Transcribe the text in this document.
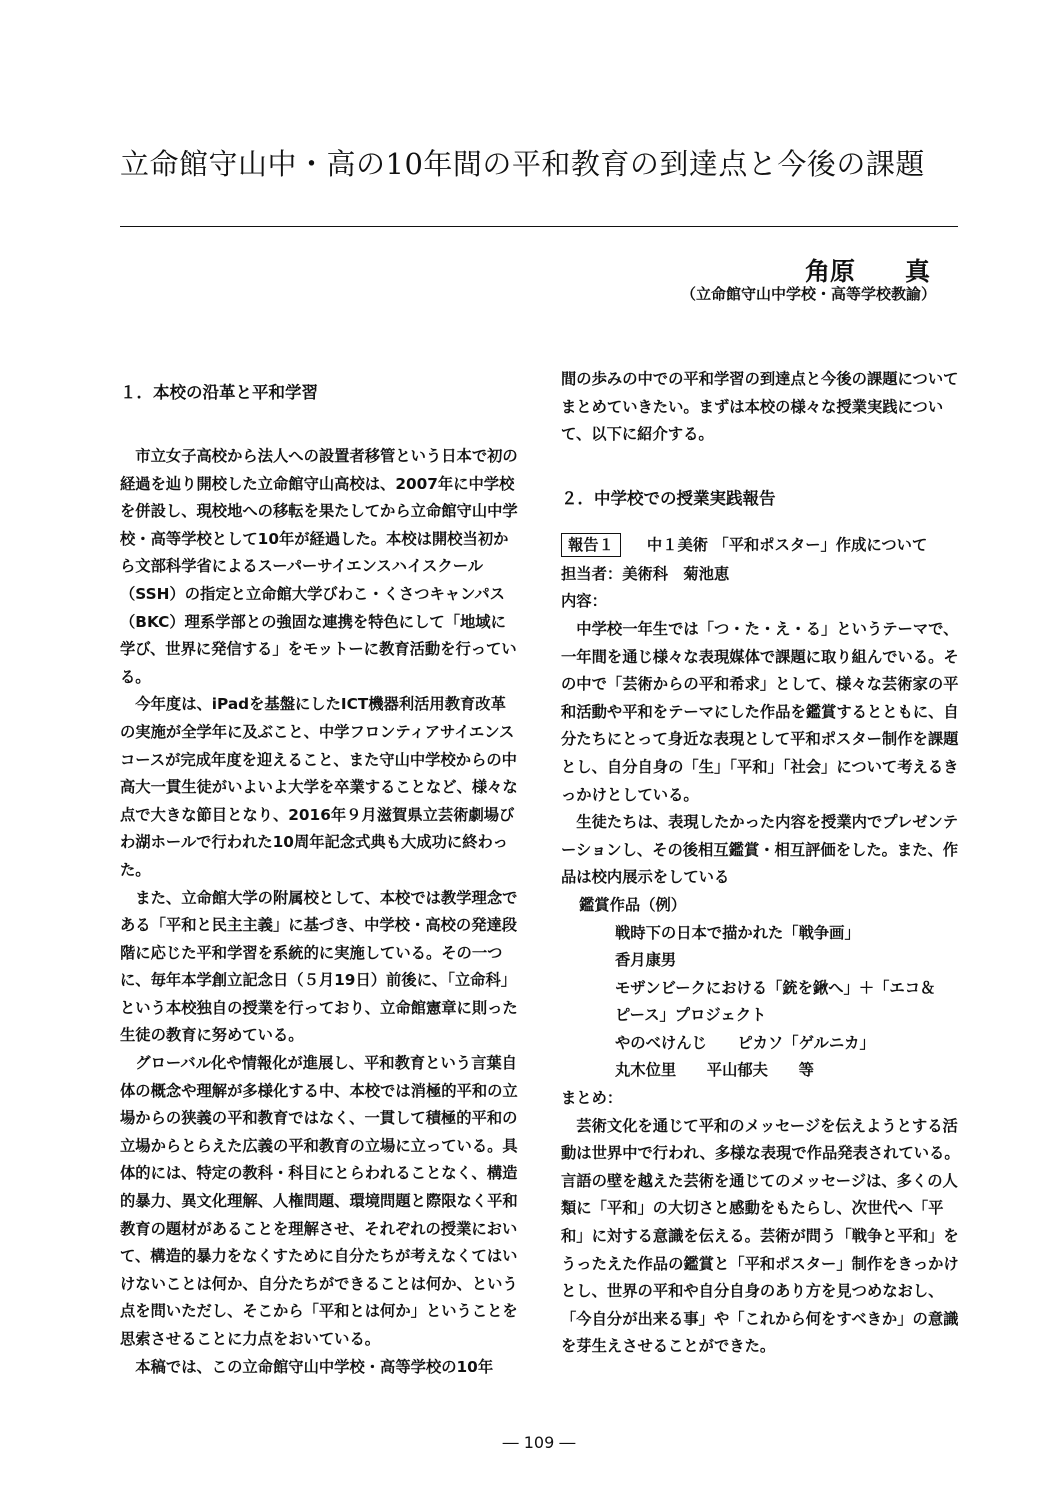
立命館守山中・高の10年間の平和教育の到達点と今後の課題
角原　　真
（立命館守山中学校・高等学校教諭）
１．本校の沿革と平和学習

　市立女子高校から法人への設置者移管という日本で初の経過を辿り開校した立命館守山高校は、2007年に中学校を併設し、現校地への移転を果たしてから立命館守山中学校・高等学校として10年が経過した。本校は開校当初から文部科学省によるスーパーサイエンスハイスクール（SSH）の指定と立命館大学びわこ・くさつキャンパス（BKC）理系学部との強固な連携を特色にして「地域に学び、世界に発信する」をモットーに教育活動を行っている。

　今年度は、iPadを基盤にしたICT機器利活用教育改革の実施が全学年に及ぶこと、中学フロンティアサイエンスコースが完成年度を迎えること、また守山中学校からの中高大一貫生徒がいよいよ大学を卒業することなど、様々な点で大きな節目となり、2016年９月滋賀県立芸術劇場びわ湖ホールで行われた10周年記念式典も大成功に終わった。

　また、立命館大学の附属校として、本校では教学理念である「平和と民主主義」に基づき、中学校・高校の発達段階に応じた平和学習を系統的に実施している。その一つに、毎年本学創立記念日（５月19日）前後に、「立命科」という本校独自の授業を行っており、立命館憲章に則った生徒の教育に努めている。

　グローバル化や情報化が進展し、平和教育という言葉自体の概念や理解が多様化する中、本校では消極的平和の立場からの狭義の平和教育ではなく、一貫して積極的平和の立場からとらえた広義の平和教育の立場に立っている。具体的には、特定の教科・科目にとらわれることなく、構造的暴力、異文化理解、人権問題、環境問題と際限なく平和教育の題材があることを理解させ、それぞれの授業において、構造的暴力をなくすために自分たちが考えなくてはいけないことは何か、自分たちができることは何か、という点を問いただし、そこから「平和とは何か」ということを思索させることに力点をおいている。

　本稿では、この立命館守山中学校・高等学校の10年

間の歩みの中での平和学習の到達点と今後の課題についてまとめていきたい。まずは本校の様々な授業実践について、以下に紹介する。

２．中学校での授業実践報告
報告１ 中１美術 「平和ポスター」作成について
担当者：美術科　菊池恵
内容：

　中学校一年生では「つ・た・え・る」というテーマで、一年間を通じ様々な表現媒体で課題に取り組んでいる。その中で「芸術からの平和希求」として、様々な芸術家の平和活動や平和をテーマにした作品を鑑賞するとともに、自分たちにとって身近な表現として平和ポスター制作を課題とし、自分自身の「生」「平和」「社会」について考えるきっかけとしている。

　生徒たちは、表現したかった内容を授業内でプレゼンテーションし、その後相互鑑賞・相互評価をした。また、作品は校内展示をしている

鑑賞作品（例）
戦時下の日本で描かれた「戦争画」
香月康男
モザンビークにおける「銃を鍬へ」＋「エコ＆
ピース」プロジェクト
やのべけんじ　　ピカソ「ゲルニカ」
丸木位里　　平山郁夫　　等
まとめ：

　芸術文化を通じて平和のメッセージを伝えようとする活動は世界中で行われ、多様な表現で作品発表されている。言語の壁を越えた芸術を通じてのメッセージは、多くの人類に「平和」の大切さと感動をもたらし、次世代へ「平和」に対する意識を伝える。芸術が問う「戦争と平和」をうったえた作品の鑑賞と「平和ポスター」制作をきっかけとし、世界の平和や自分自身のあり方を見つめなおし、「今自分が出来る事」や「これから何をすべきか」の意識を芽生えさせることができた。

― 109 ―
